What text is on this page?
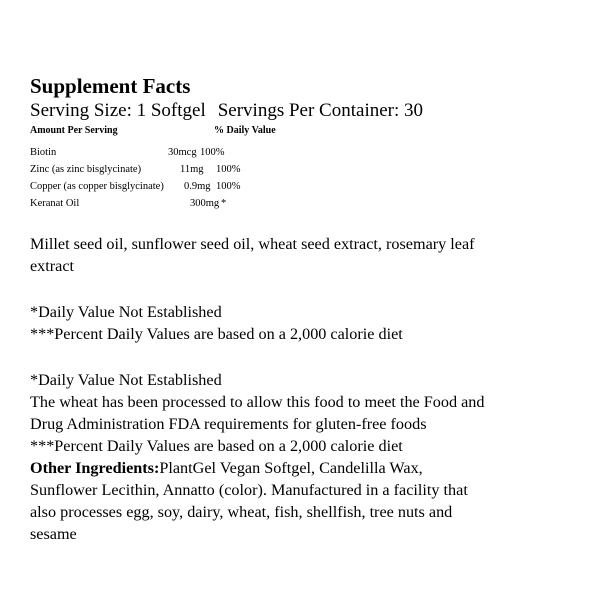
Supplement Facts
Serving Size: 1 Softgel Servings Per Container: 30
Amount Per Serving	% Daily Value
Biotin	30mcg 100%
Zinc (as zinc bisglycinate)	11mg 100%
Copper (as copper bisglycinate) 0.9mg 100%
Keranat Oil	300mg *
Millet seed oil, sunflower seed oil, wheat seed extract, rosemary leaf
extract
*Daily Value Not Established
***Percent Daily Values are based on a 2,000 calorie diet
*Daily Value Not Established
The wheat has been processed to allow this food to meet the Food and
Drug Administration FDA requirements for gluten-free foods
***Percent Daily Values are based on a 2,000 calorie diet
Other Ingredients:PlantGel Vegan Softgel, Candelilla Wax,
Sunflower Lecithin, Annatto (color). Manufactured in a facility that
also processes egg, soy, dairy, wheat, fish, shellfish, tree nuts and
sesame
